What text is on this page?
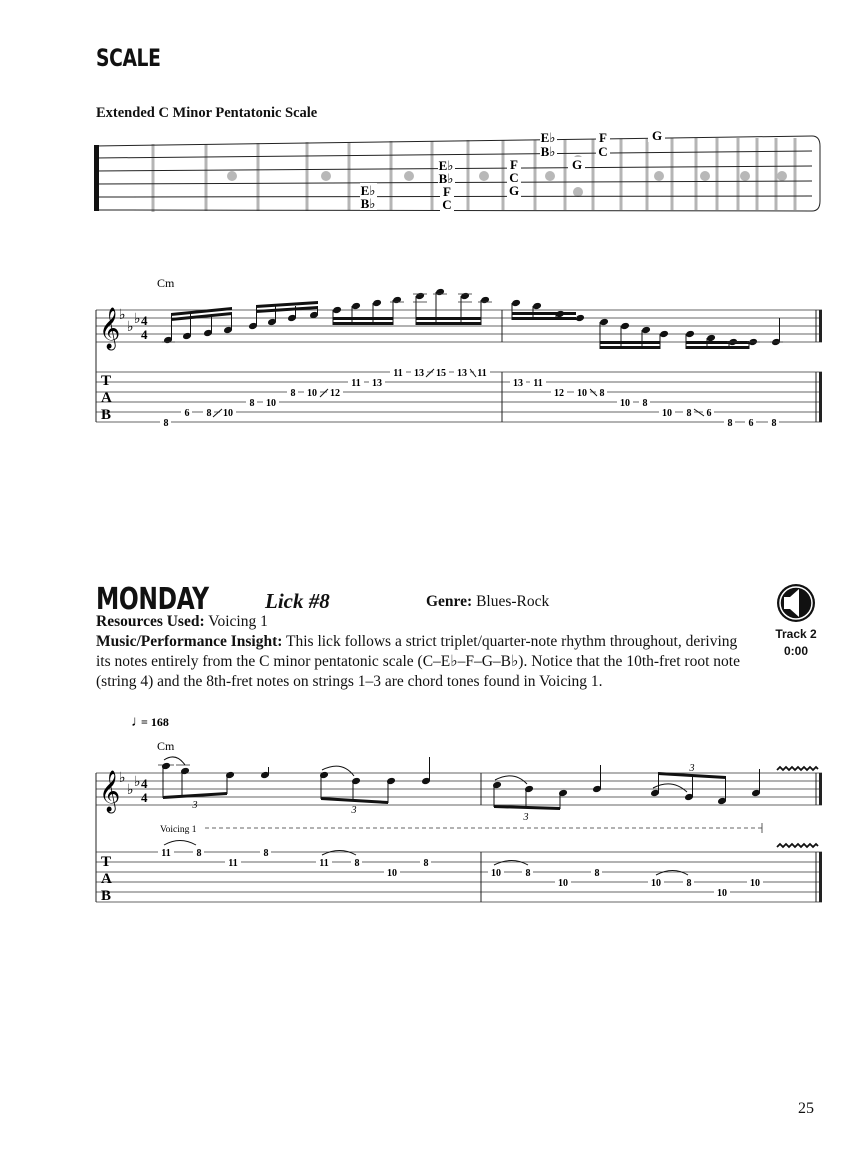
SCALE
Extended C Minor Pentatonic Scale
E♭
B♭
F
C
G
G
E♭
B♭
F
C
F
C
G
E♭
B♭
Cm
𝄞
♭
♭
♭ 4
4
T
A
B
8
6 8 10
8 10
8 10 12
11 13
11 13 15 13 11
13 11
12 10 8
10 8
10 8 6
8 6 8
♩
= 168
Cm
𝄞
♭
♭
♭ 4
4
3	3
3
3
Voicing 1
T
A
B
11	8
11
8
11	8
10
8
10 8
10
8
10	8
10
10
MONDAY	Lick #8	Genre: Blues-Rock
Resources Used: Voicing 1
Music/Performance Insight: This lick follows a strict triplet/quarter-note rhythm throughout, deriving its notes entirely from the C minor pentatonic scale (C–E♭–F–G–B♭). Notice that the 10th-fret root note (string 4) and the 8th-fret notes on strings 1–3 are chord tones found in Voicing 1.
Track 2
0:00
25
